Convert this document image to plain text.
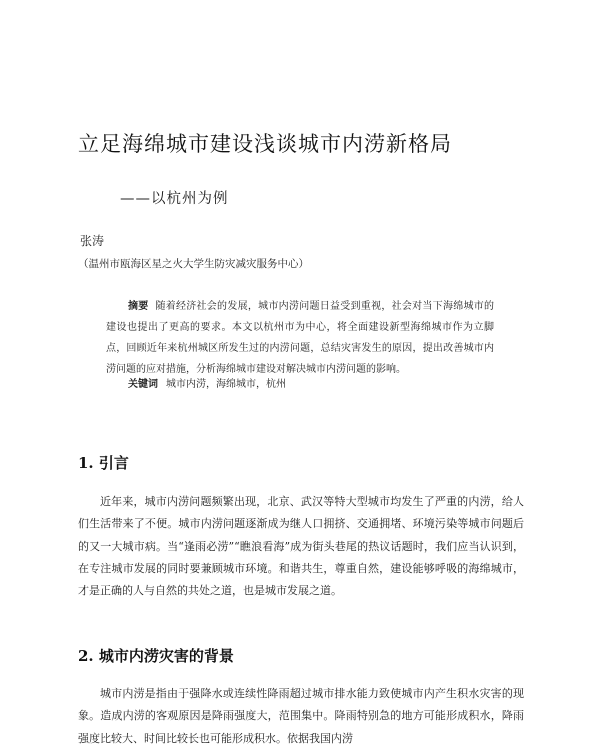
立足海绵城市建设浅谈城市内涝新格局

——以杭州为例

张涛

（温州市瓯海区星之火大学生防灾减灾服务中心）

摘要 随着经济社会的发展，城市内涝问题日益受到重视，社会对当下海绵城市的建设也提出了更高的要求。本文以杭州市为中心，将全面建设新型海绵城市作为立脚点，回顾近年来杭州城区所发生过的内涝问题，总结灾害发生的原因，提出改善城市内涝问题的应对措施，分析海绵城市建设对解决城市内涝问题的影响。

关键词 城市内涝，海绵城市，杭州

1. 引言

近年来，城市内涝问题频繁出现，北京、武汉等特大型城市均发生了严重的内涝，给人们生活带来了不便。城市内涝问题逐渐成为继人口拥挤、交通拥堵、环境污染等城市问题后的又一大城市病。当“逢雨必涝”“瞧浪看海”成为街头巷尾的热议话题时，我们应当认识到，在专注城市发展的同时要兼顾城市环境。和谐共生，尊重自然，建设能够呼吸的海绵城市，才是正确的人与自然的共处之道，也是城市发展之道。

2. 城市内涝灾害的背景

城市内涝是指由于强降水或连续性降雨超过城市排水能力致使城市内产生积水灾害的现象。造成内涝的客观原因是降雨强度大，范围集中。降雨特别急的地方可能形成积水，降雨强度比较大、时间比较长也可能形成积水。依据我国内涝
